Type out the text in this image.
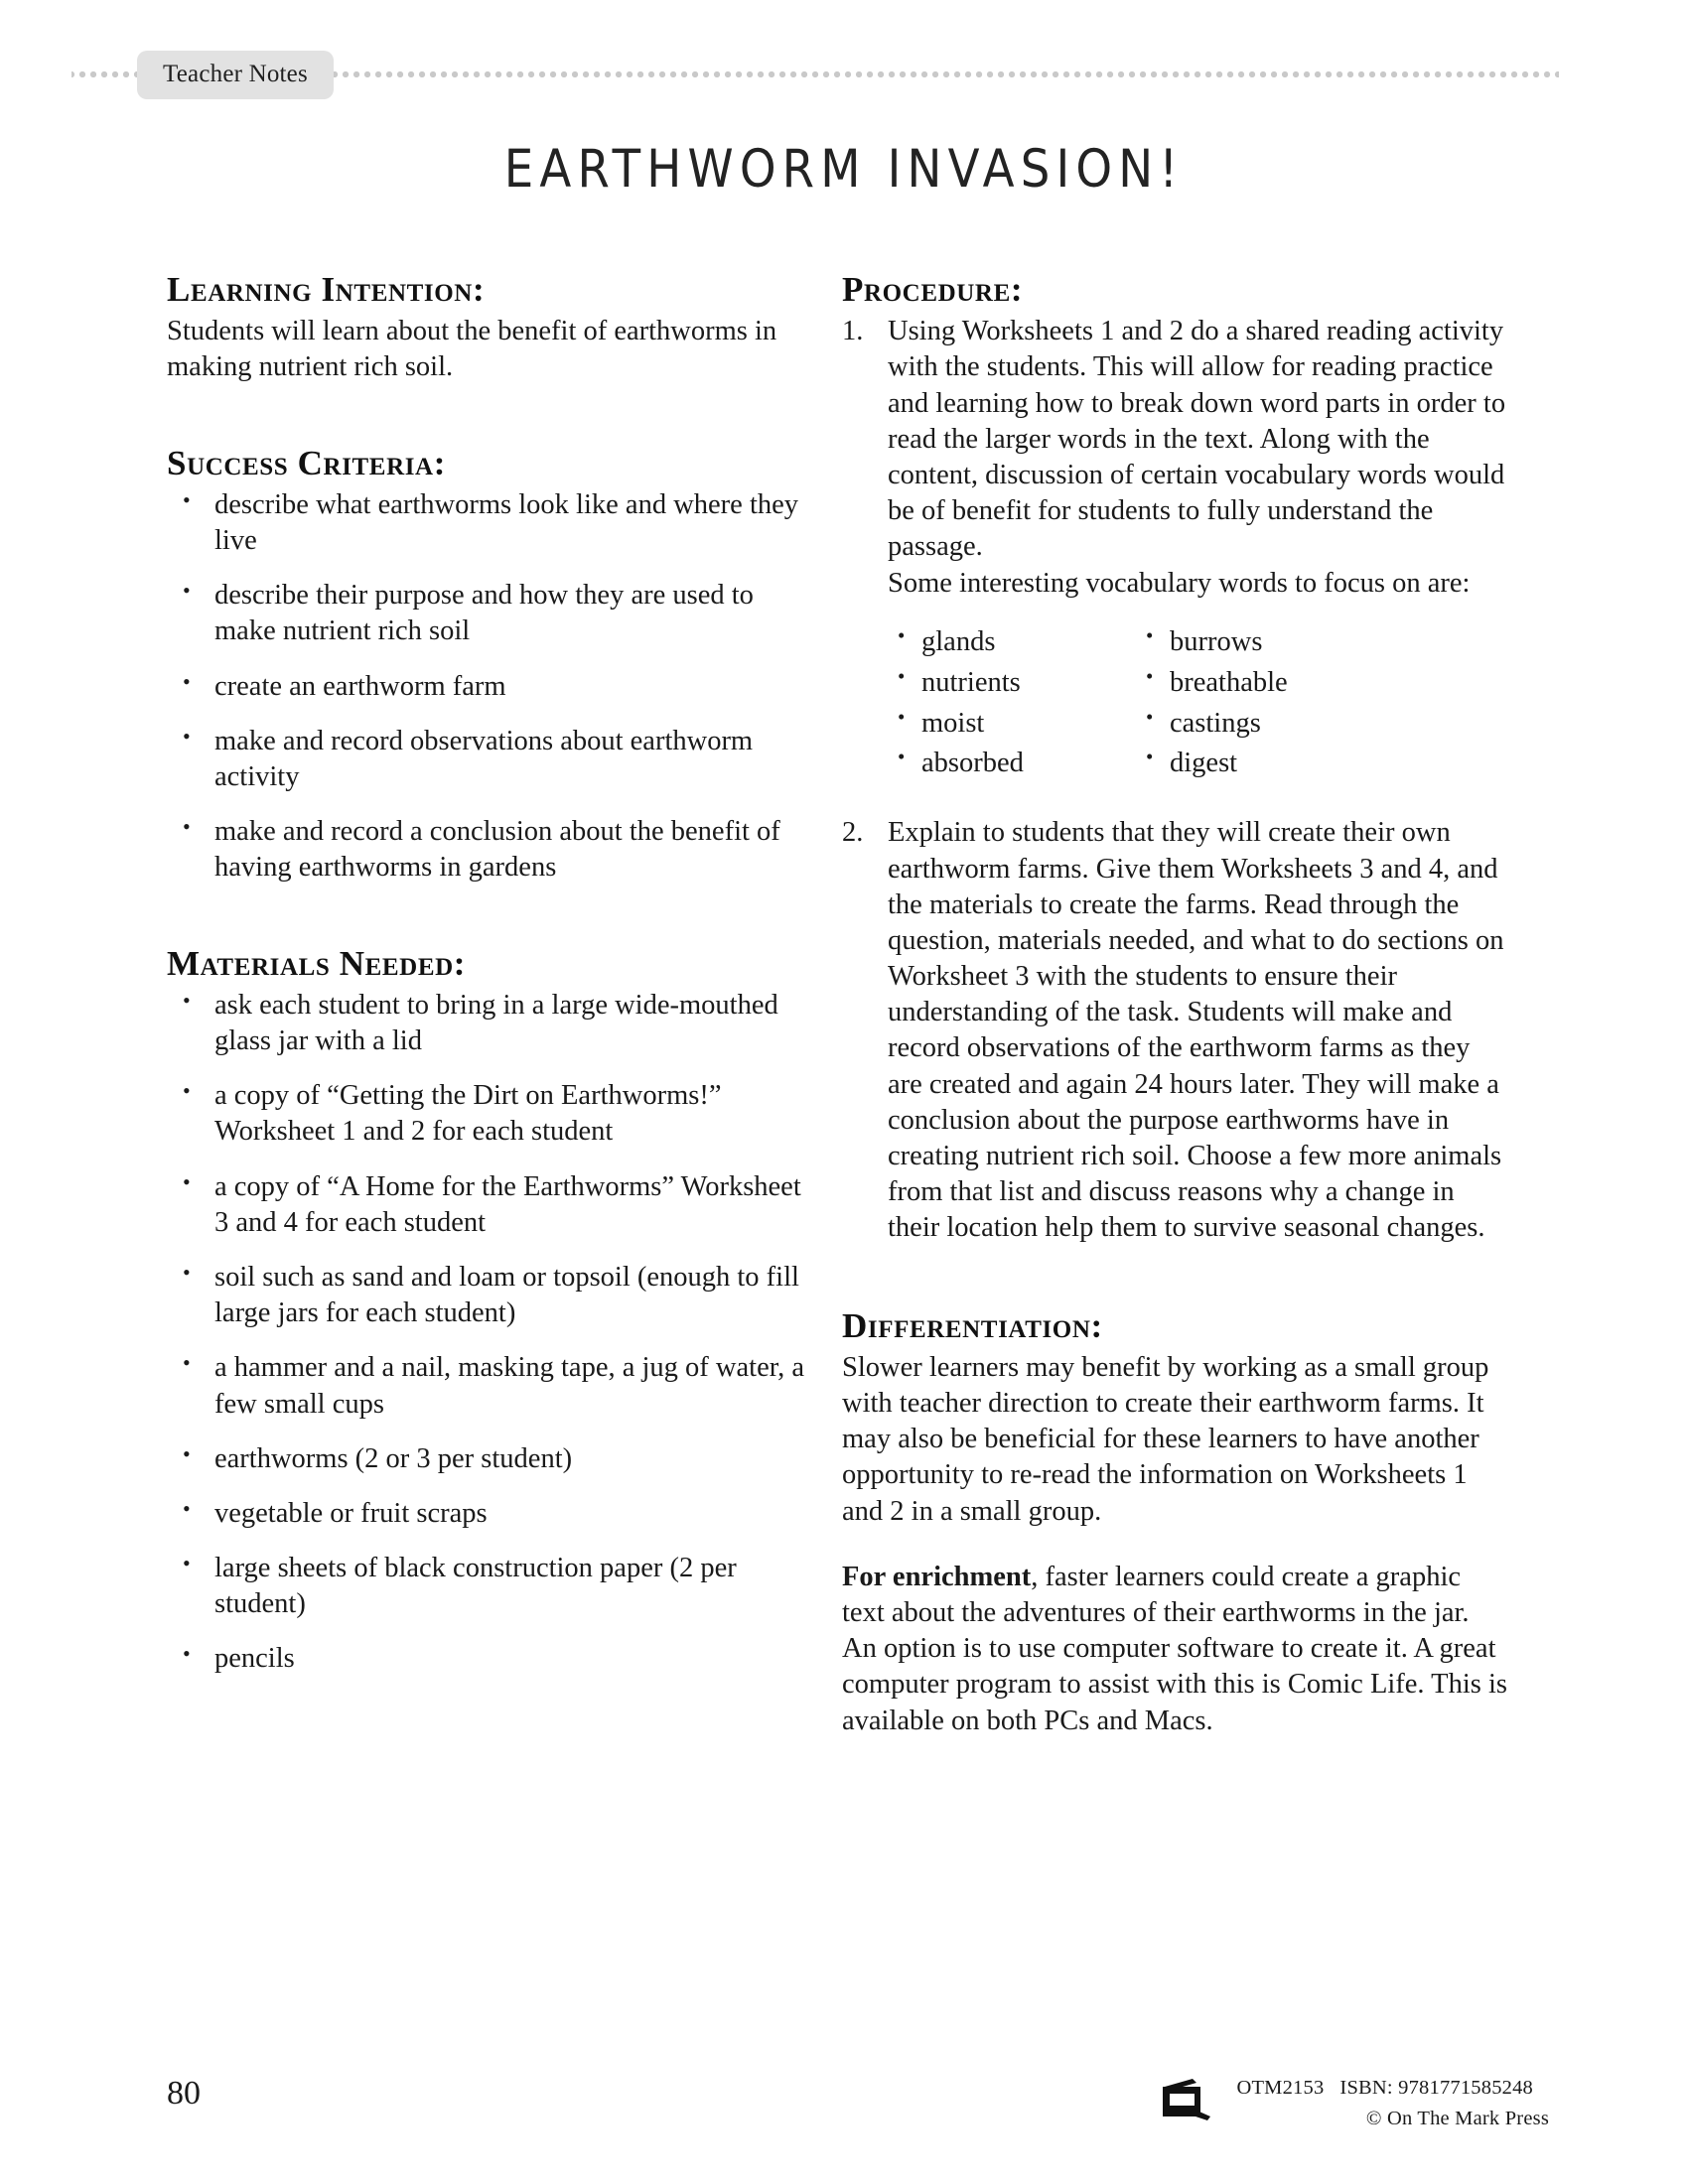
Teacher Notes
EARTHWORM INVASION!
Learning Intention:

Students will learn about the benefit of earthworms in making nutrient rich soil.

Success Criteria:
• describe what earthworms look like and where they live
• describe their purpose and how they are used to make nutrient rich soil
• create an earthworm farm
• make and record observations about earthworm activity
• make and record a conclusion about the benefit of having earthworms in gardens
Materials Needed:
• ask each student to bring in a large wide-mouthed glass jar with a lid
• a copy of “Getting the Dirt on Earthworms!” Worksheet 1 and 2 for each student
• a copy of “A Home for the Earthworms” Worksheet 3 and 4 for each student
• soil such as sand and loam or topsoil (enough to fill large jars for each student)
• a hammer and a nail, masking tape, a jug of water, a few small cups
• earthworms (2 or 3 per student)
• vegetable or fruit scraps
• large sheets of black construction paper (2 per student)
• pencils
Procedure:
Using Worksheets 1 and 2 do a shared reading activity with the students. This will allow for reading practice and learning how to break down word parts in order to read the larger words in the text. Along with the content, discussion of certain vocabulary words would be of benefit for students to fully understand the passage.
Some interesting vocabulary words to focus on are:
• glands
• nutrients
• moist
• absorbed
• burrows
• breathable
• castings
• digest
Explain to students that they will create their own earthworm farms. Give them Worksheets 3 and 4, and the materials to create the farms. Read through the question, materials needed, and what to do sections on Worksheet 3 with the students to ensure their understanding of the task. Students will make and record observations of the earthworm farms as they are created and again 24 hours later. They will make a conclusion about the purpose earthworms have in creating nutrient rich soil. Choose a few more animals from that list and discuss reasons why a change in their location help them to survive seasonal changes.
Differentiation:

Slower learners may benefit by working as a small group with teacher direction to create their earthworm farms. It may also be beneficial for these learners to have another opportunity to re-read the information on Worksheets 1 and 2 in a small group.

For enrichment, faster learners could create a graphic text about the adventures of their earthworms in the jar. An option is to use computer software to create it. A great computer program to assist with this is Comic Life. This is available on both PCs and Macs.

80	OTM2153 ISBN: 9781771585248
© On The Mark Press
